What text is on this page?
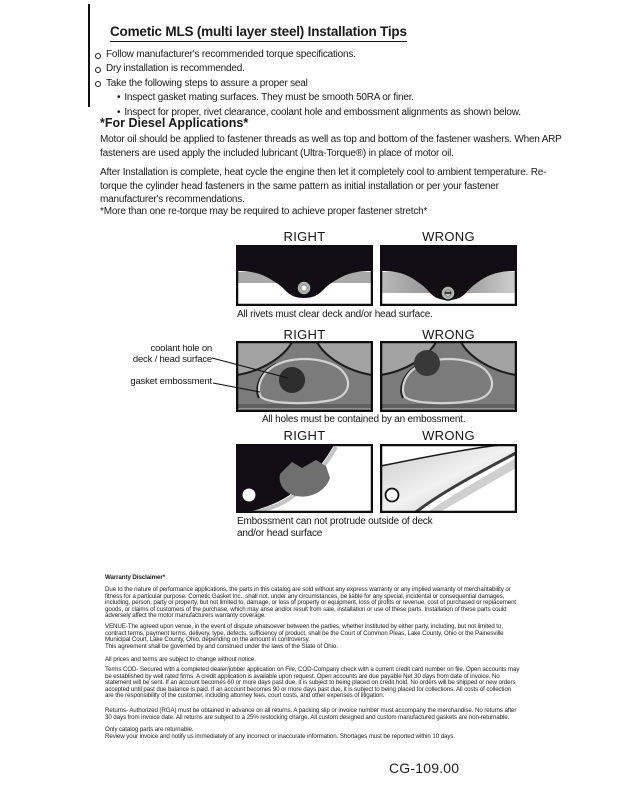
Cometic MLS (multi layer steel) Installation Tips
Follow manufacturer's recommended torque specifications.
Dry installation is recommended.
Take the following steps to assure a proper seal
• Inspect gasket mating surfaces. They must be smooth 50RA or finer.
• Inspect for proper, rivet clearance, coolant hole and embossment alignments as shown below.
*For Diesel Applications*

Motor oil should be applied to fastener threads as well as top and bottom of the fastener washers. When ARP fasteners are used apply the included lubricant (Ultra-Torque®) in place of motor oil.

After Installation is complete, heat cycle the engine then let it completely cool to ambient temperature. Re-torque the cylinder head fasteners in the same pattern as initial installation or per your fastener manufacturer's recommendations.

*More than one re-torque may be required to achieve proper fastener stretch*

RIGHT	WRONG
All rivets must clear deck and/or head surface.
RIGHT	WRONG
coolant hole on
deck / head surface
gasket embossment
All holes must be contained by an embossment.
RIGHT	WRONG
Embossment can not protrude outside of deck
and/or head surface
Warranty Disclaimer*
Due to the nature of performance applications, the parts in this catalog are sold without any express warranty or any implied warranty of merchantability or fitness for a particular purpose. Cometic Gasket Inc., shall not, under any circumstances, be liable for any special, incidental or consequential damages, including, person, party or property, but not limited to, damage, or loss of property or equipment, loss of profits or revenue, cost of purchased or replacement goods, or claims of customers of the purchase, which may arise and/or result from sale, installation or use of these parts. Installation of these parts could adversely affect the motor manufacturers warranty coverage.
VENUE-The agreed upon venue, in the event of dispute whatsoever between the parties, whether instituted by either party, including, but not limited to, contract terms, payment terms, delivery, type, defects, sufficiency of product, shall be the Court of Common Pleas, Lake County, Ohio or the Painesville Municipal Court, Lake County, Ohio, depending on the amount in controversy.
This agreement shall be governed by and construed under the laws of the State of Ohio.
All prices and terms are subject to change without notice.
Terms COD- Secured with a completed dealer/jobber application on File, COD-Company check with a current credit card number on file. Open accounts may be established by well rated firms. A credit application is available upon request. Open accounts are due payable Net 30 days from date of invoice. No statement will be sent. If an account becomes 60 or more days past due, it is subject to being placed on credit hold. No orders will be shipped or new orders accepted until past due balance is paid. If an account becomes 90 or more days past due, it is subject to being placed for collections. All costs of collection are the responsibility of the customer, including attorney fees, court costs, and other expenses of litigation.
Returns- Authorized (RGA) must be obtained in advance on all returns. A packing slip or invoice number must accompany the merchandise. No returns after 30 days from invoice date. All returns are subject to a 25% restocking charge. All custom designed and custom manufactured gaskets are non-returnable.
Only catalog parts are returnable.
Review your invoice and notify us immediately of any incorrect or inaccurate information. Shortages must be reported within 10 days.
CG-109.00
